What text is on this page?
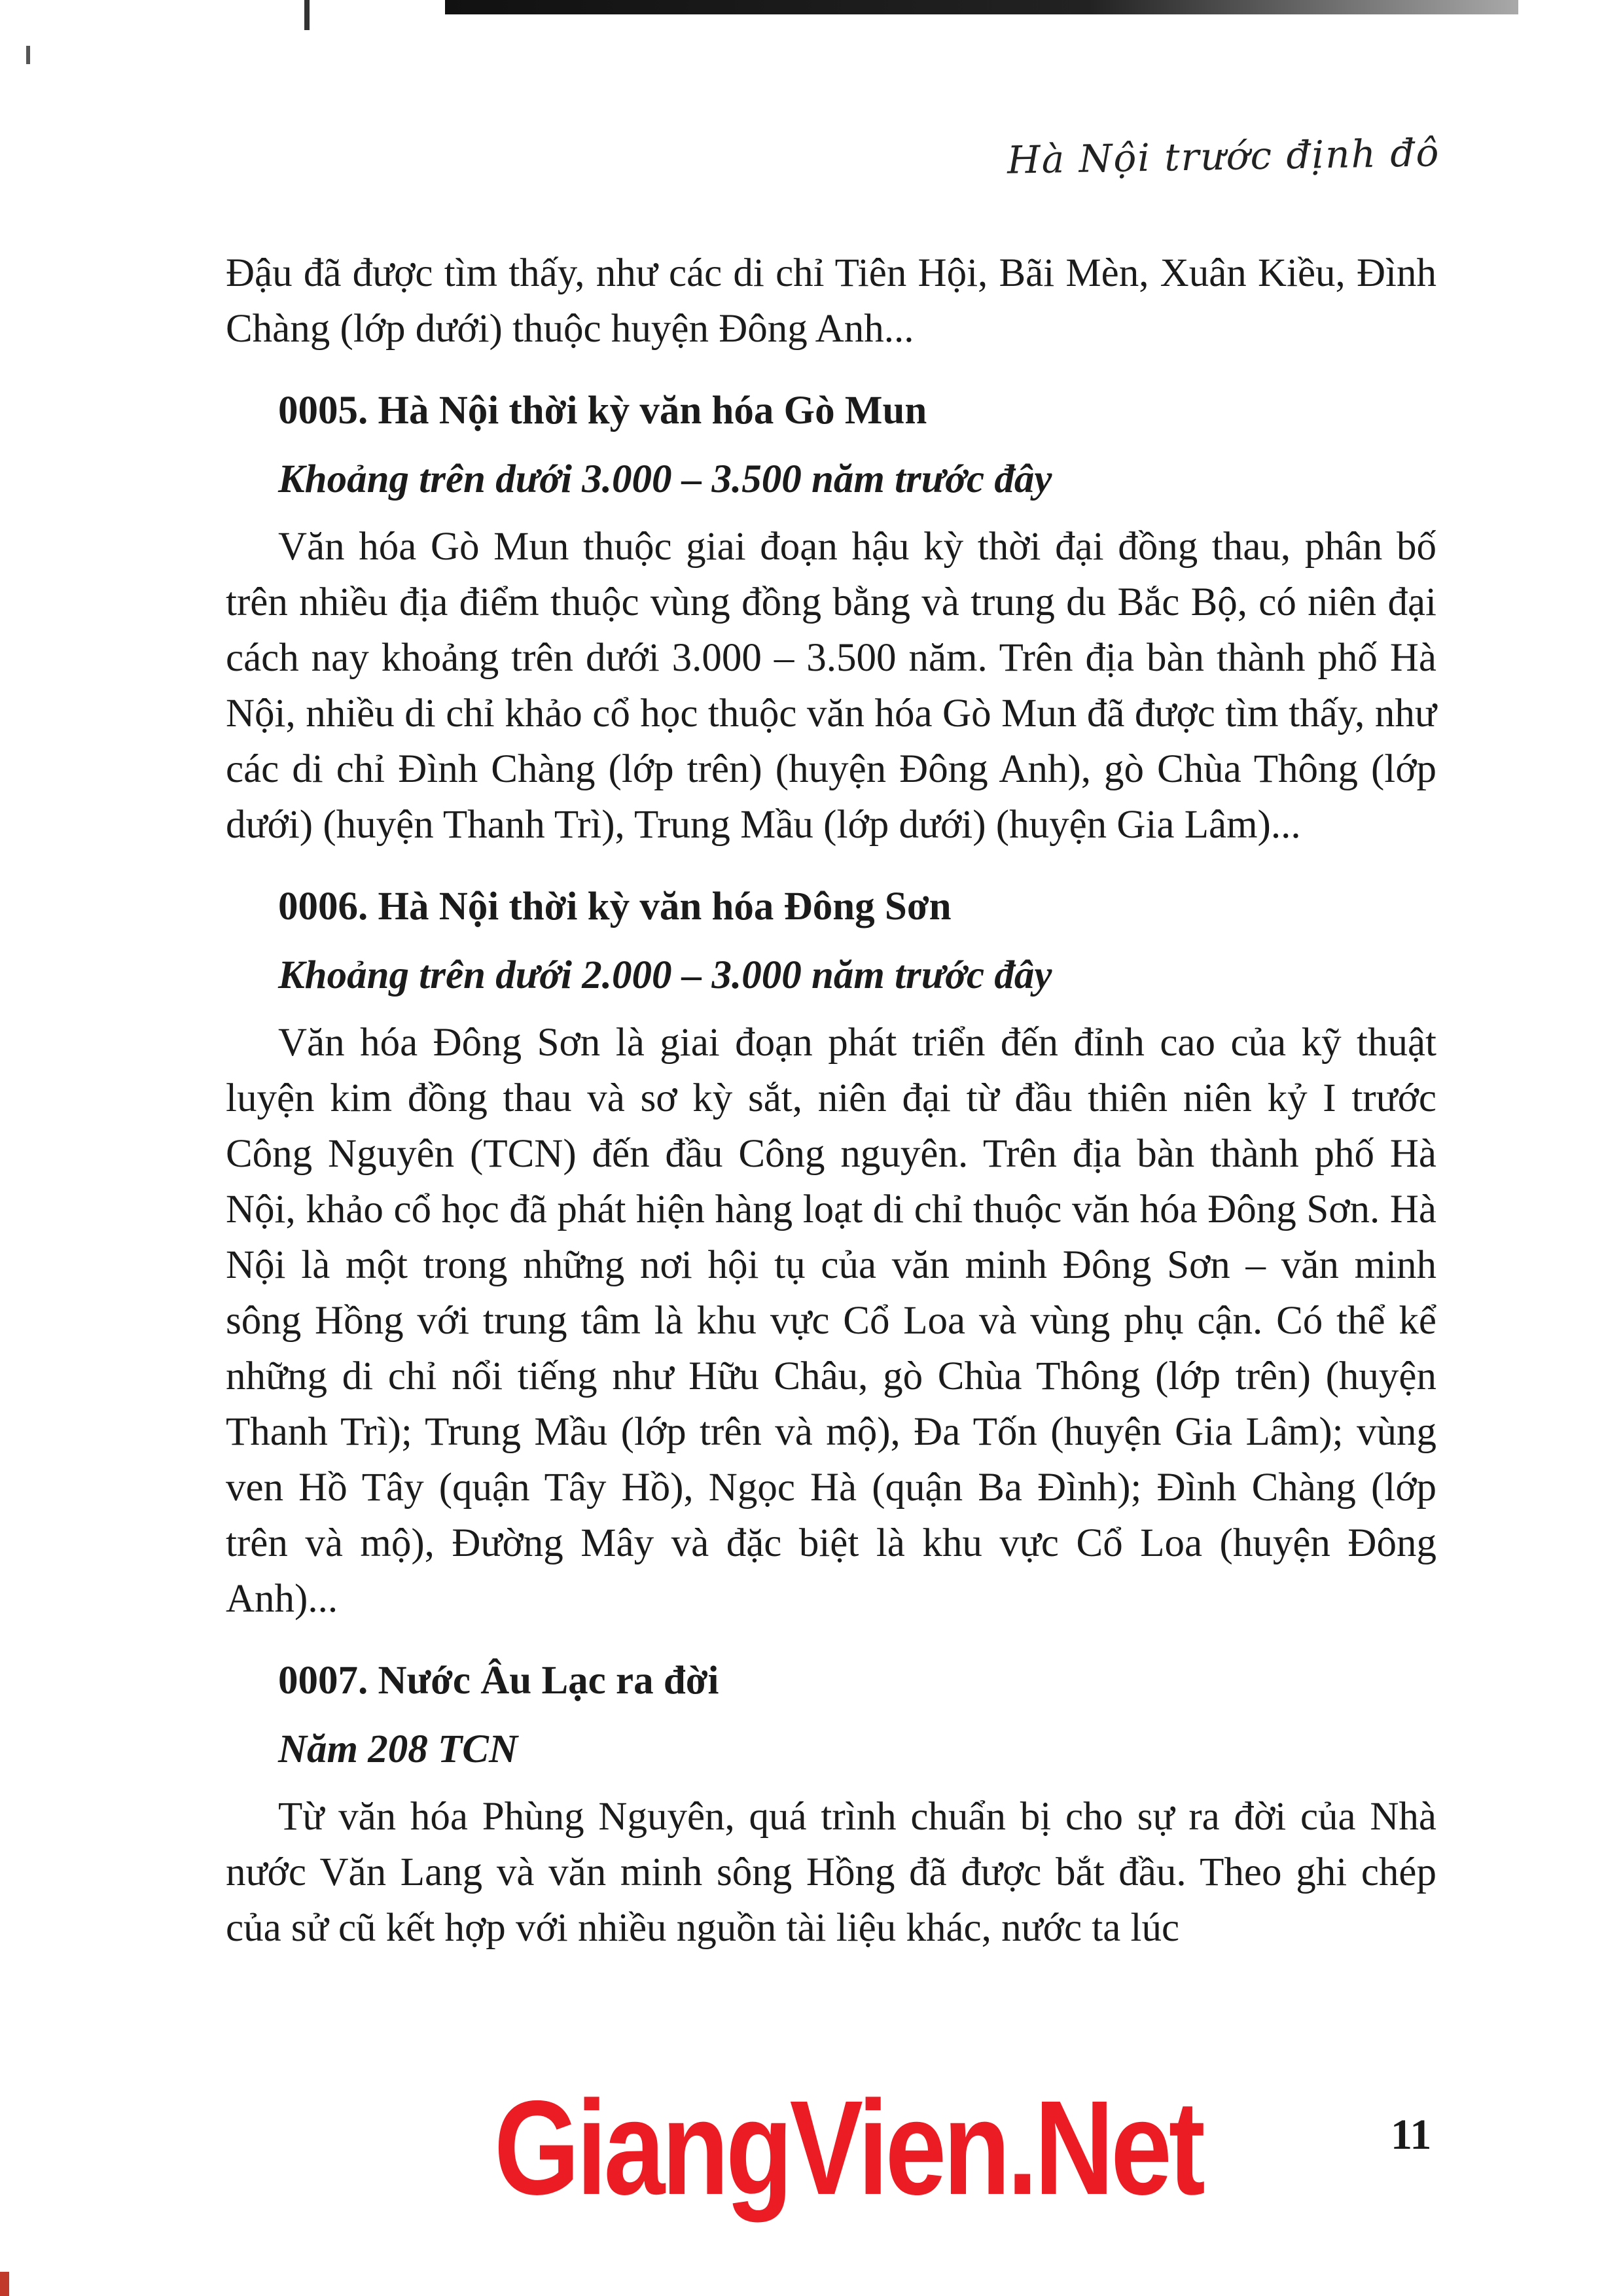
Hà Nội trước định đô

Đậu đã được tìm thấy, như các di chỉ Tiên Hội, Bãi Mèn, Xuân Kiều, Đình Chàng (lớp dưới) thuộc huyện Đông Anh...

0005. Hà Nội thời kỳ văn hóa Gò Mun
Khoảng trên dưới 3.000 – 3.500 năm trước đây

Văn hóa Gò Mun thuộc giai đoạn hậu kỳ thời đại đồng thau, phân bố trên nhiều địa điểm thuộc vùng đồng bằng và trung du Bắc Bộ, có niên đại cách nay khoảng trên dưới 3.000 – 3.500 năm. Trên địa bàn thành phố Hà Nội, nhiều di chỉ khảo cổ học thuộc văn hóa Gò Mun đã được tìm thấy, như các di chỉ Đình Chàng (lớp trên) (huyện Đông Anh), gò Chùa Thông (lớp dưới) (huyện Thanh Trì), Trung Mầu (lớp dưới) (huyện Gia Lâm)...

0006. Hà Nội thời kỳ văn hóa Đông Sơn
Khoảng trên dưới 2.000 – 3.000 năm trước đây

Văn hóa Đông Sơn là giai đoạn phát triển đến đỉnh cao của kỹ thuật luyện kim đồng thau và sơ kỳ sắt, niên đại từ đầu thiên niên kỷ I trước Công Nguyên (TCN) đến đầu Công nguyên. Trên địa bàn thành phố Hà Nội, khảo cổ học đã phát hiện hàng loạt di chỉ thuộc văn hóa Đông Sơn. Hà Nội là một trong những nơi hội tụ của văn minh Đông Sơn – văn minh sông Hồng với trung tâm là khu vực Cổ Loa và vùng phụ cận. Có thể kể những di chỉ nổi tiếng như Hữu Châu, gò Chùa Thông (lớp trên) (huyện Thanh Trì); Trung Mầu (lớp trên và mộ), Đa Tốn (huyện Gia Lâm); vùng ven Hồ Tây (quận Tây Hồ), Ngọc Hà (quận Ba Đình); Đình Chàng (lớp trên và mộ), Đường Mây và đặc biệt là khu vực Cổ Loa (huyện Đông Anh)...

0007. Nước Âu Lạc ra đời
Năm 208 TCN

Từ văn hóa Phùng Nguyên, quá trình chuẩn bị cho sự ra đời của Nhà nước Văn Lang và văn minh sông Hồng đã được bắt đầu. Theo ghi chép của sử cũ kết hợp với nhiều nguồn tài liệu khác, nước ta lúc

GiangVien.Net	11
